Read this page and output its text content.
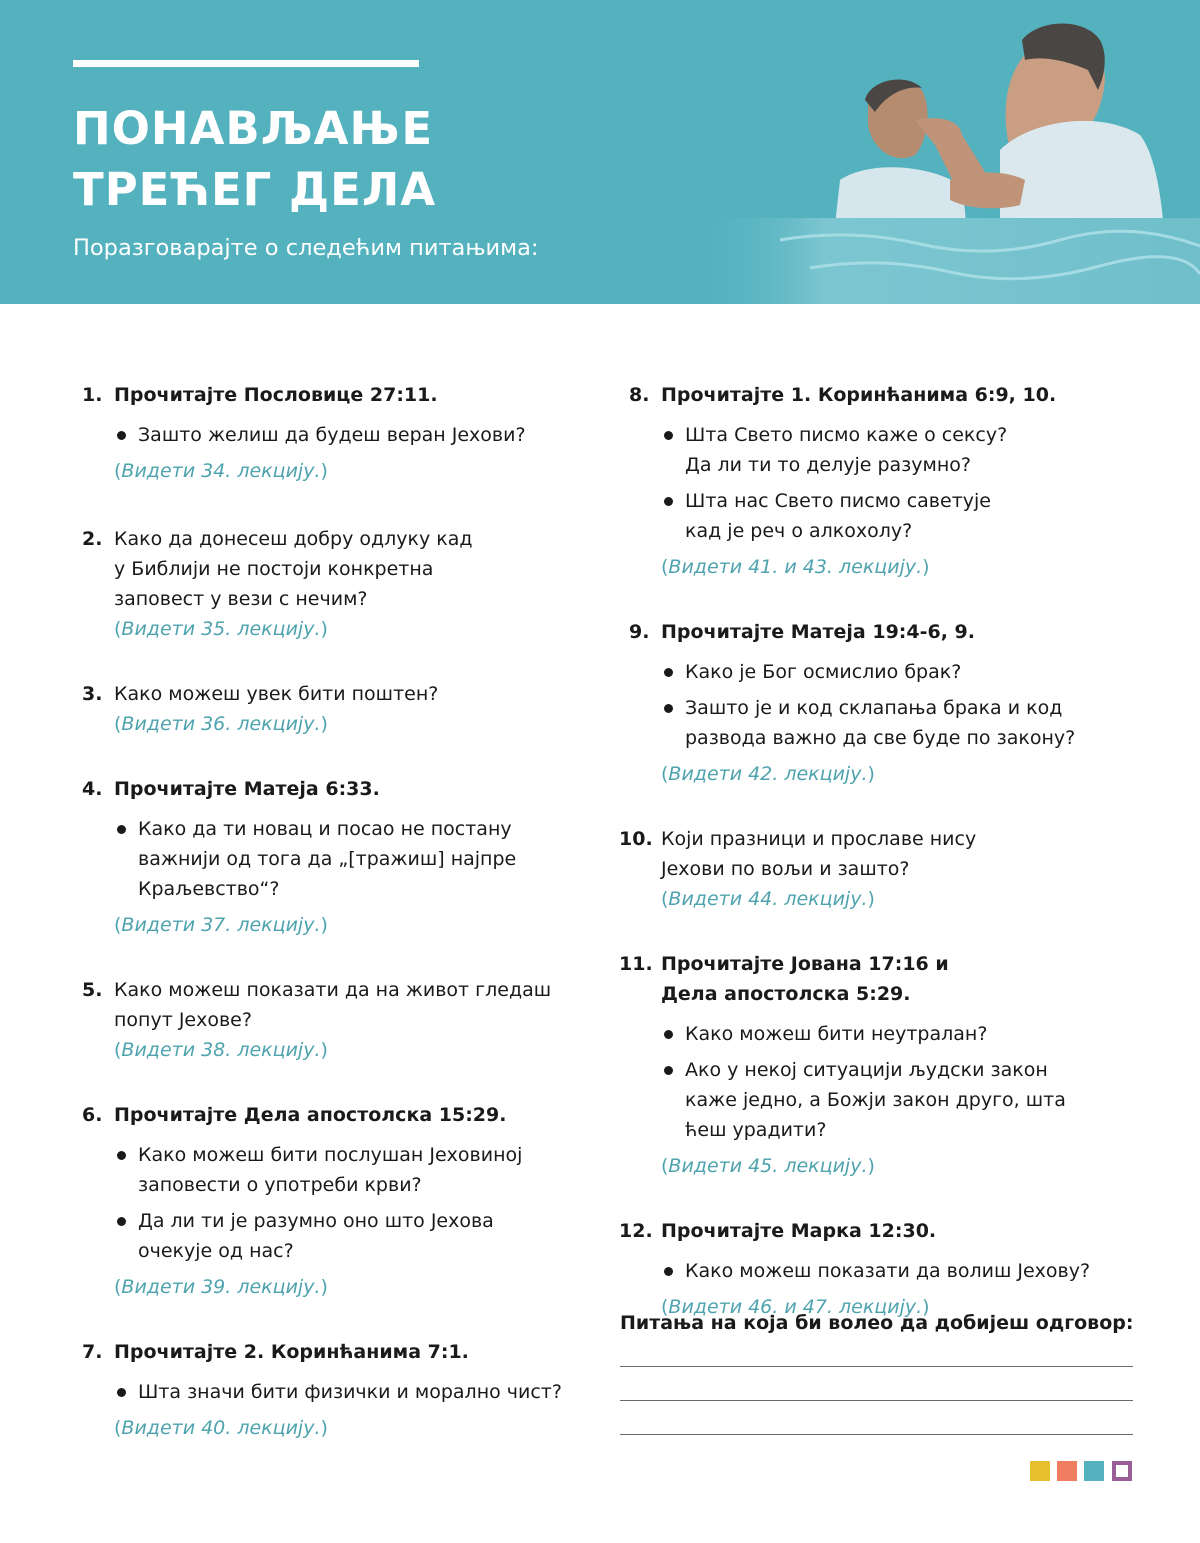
ПОНАВЉАЊЕ
ТРЕЋЕГ ДЕЛА

Поразговарајте о следећим питањима:

1. Прочитајте Пословице 27:11.
Зашто желиш да будеш веран Јехови?
(Видети 34. лекцију.)
2. Како да донесеш добру одлуку кад у Библији не постоји конкретна заповест у вези с нечим?
(Видети 35. лекцију.)
3. Како можеш увек бити поштен?
(Видети 36. лекцију.)
4. Прочитајте Матеја 6:33.
Како да ти новац и посао не постану важнији од тога да „[тражиш] најпре Краљевство“?
(Видети 37. лекцију.)
5. Како можеш показати да на живот гледаш попут Јехове?
(Видети 38. лекцију.)
6. Прочитајте Дела апостолска 15:29.
Како можеш бити послушан Јеховиној заповести о употреби крви?
Да ли ти је разумно оно што Јехова очекује од нас?
(Видети 39. лекцију.)
7. Прочитајте 2. Коринћанима 7:1.
Шта значи бити физички и морално чист?
(Видети 40. лекцију.)
8. Прочитајте 1. Коринћанима 6:9, 10.
Шта Свето писмо каже о сексу? Да ли ти то делује разумно?
Шта нас Свето писмо саветује кад је реч о алкохолу?
(Видети 41. и 43. лекцију.)
9. Прочитајте Матеја 19:4-6, 9.
Како је Бог осмислио брак?
Зашто је и код склапања брака и код развода важно да све буде по закону?
(Видети 42. лекцију.)
10. Који празници и прославе нису Јехови по вољи и зашто?
(Видети 44. лекцију.)
11. Прочитајте Јована 17:16 и Дела апостолска 5:29.
Како можеш бити неутралан?
Ако у некој ситуацији људски закон каже једно, а Божји закон друго, шта ћеш урадити?
(Видети 45. лекцију.)
12. Прочитајте Марка 12:30.
Како можеш показати да волиш Јехову?
(Видети 46. и 47. лекцију.)
Питања на која би волео да добијеш одговор:
